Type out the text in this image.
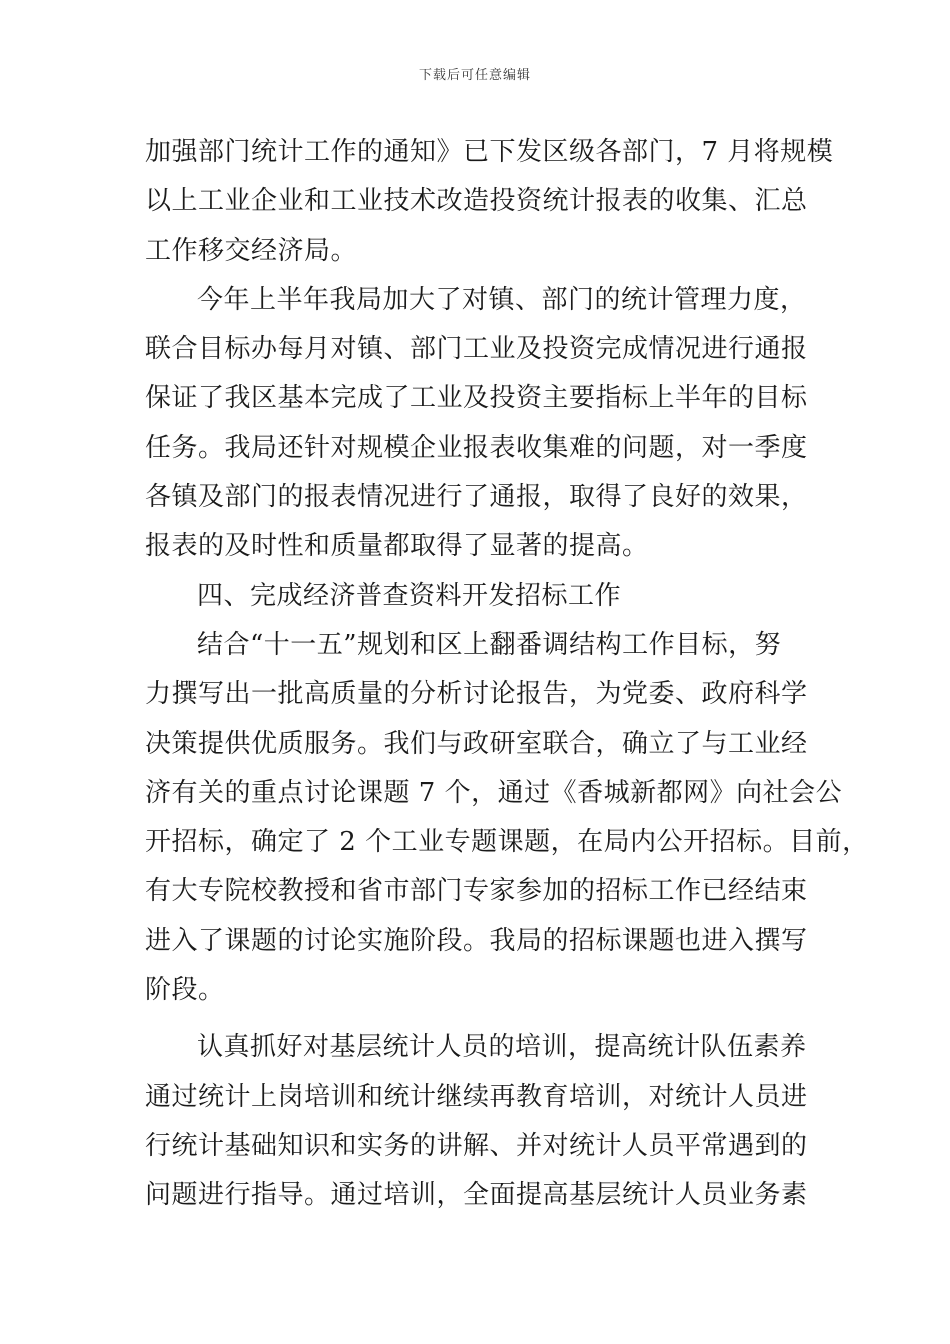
下载后可任意编辑
加强部门统计工作的通知》已下发区级各部门，7 月将规模
以上工业企业和工业技术改造投资统计报表的收集、汇总
工作移交经济局。
今年上半年我局加大了对镇、部门的统计管理力度，
联合目标办每月对镇、部门工业及投资完成情况进行通报
保证了我区基本完成了工业及投资主要指标上半年的目标
任务。我局还针对规模企业报表收集难的问题，对一季度
各镇及部门的报表情况进行了通报，取得了良好的效果，
报表的及时性和质量都取得了显著的提高。
四、完成经济普查资料开发招标工作
结合“十一五”规划和区上翻番调结构工作目标，努
力撰写出一批高质量的分析讨论报告，为党委、政府科学
决策提供优质服务。我们与政研室联合，确立了与工业经
济有关的重点讨论课题 7 个，通过《香城新都网》向社会公
开招标，确定了 2 个工业专题课题，在局内公开招标。目前，
有大专院校教授和省市部门专家参加的招标工作已经结束
进入了课题的讨论实施阶段。我局的招标课题也进入撰写
阶段。
认真抓好对基层统计人员的培训，提高统计队伍素养
通过统计上岗培训和统计继续再教育培训，对统计人员进
行统计基础知识和实务的讲解、并对统计人员平常遇到的
问题进行指导。通过培训，全面提高基层统计人员业务素
